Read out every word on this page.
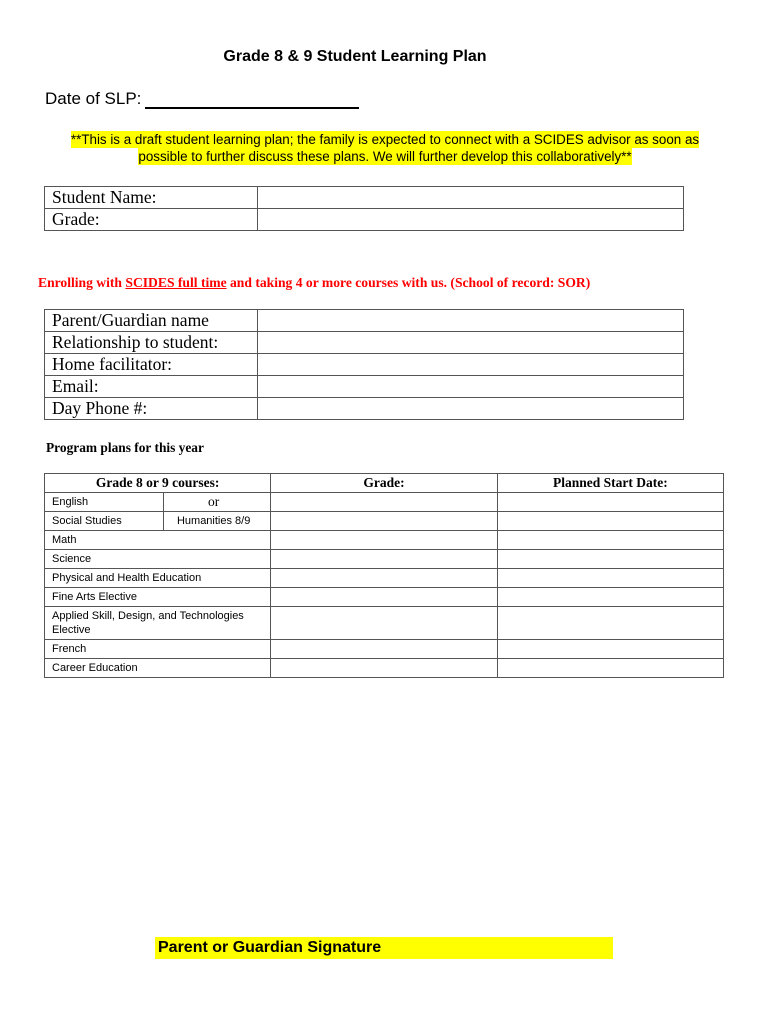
Grade 8 & 9 Student Learning Plan
Date of SLP:
**This is a draft student learning plan; the family is expected to connect with a SCIDES advisor as soon as possible to further discuss these plans. We will further develop this collaboratively**
Student Name:	
Grade:	
Enrolling with SCIDES full time and taking 4 or more courses with us. (School of record: SOR)
Parent/Guardian name	
Relationship to student:	
Home facilitator:	
Email:	
Day Phone #:	
Program plans for this year
Grade 8 or 9 courses:	Grade:	Planned Start Date:

English or		

Social Studies Humanities 8/9		

Math		
Science		
Physical and Health Education		
Fine Arts Elective		
Applied Skill, Design, and Technologies Elective		
French		
Career Education		
Parent or Guardian Signature
